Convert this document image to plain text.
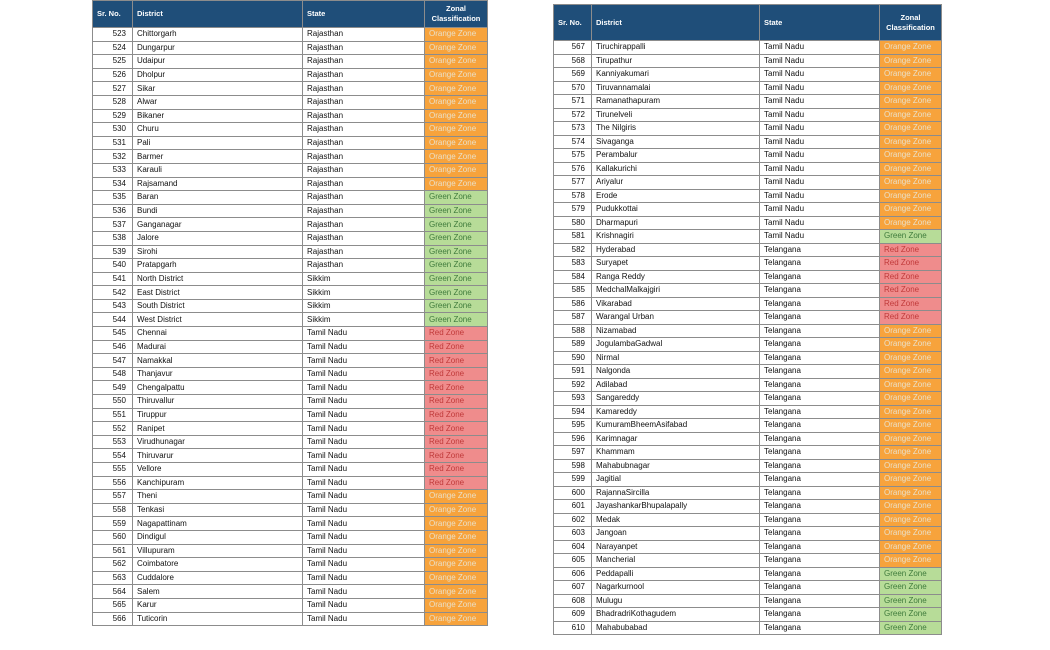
Sr. No.	District	State	Zonal Classification
523	Chittorgarh	Rajasthan	Orange Zone
524	Dungarpur	Rajasthan	Orange Zone
525	Udaipur	Rajasthan	Orange Zone
526	Dholpur	Rajasthan	Orange Zone
527	Sikar	Rajasthan	Orange Zone
528	Alwar	Rajasthan	Orange Zone
529	Bikaner	Rajasthan	Orange Zone
530	Churu	Rajasthan	Orange Zone
531	Pali	Rajasthan	Orange Zone
532	Barmer	Rajasthan	Orange Zone
533	Karauli	Rajasthan	Orange Zone
534	Rajsamand	Rajasthan	Orange Zone
535	Baran	Rajasthan	Green Zone
536	Bundi	Rajasthan	Green Zone
537	Ganganagar	Rajasthan	Green Zone
538	Jalore	Rajasthan	Green Zone
539	Sirohi	Rajasthan	Green Zone
540	Pratapgarh	Rajasthan	Green Zone
541	North District	Sikkim	Green Zone
542	East District	Sikkim	Green Zone
543	South District	Sikkim	Green Zone
544	West District	Sikkim	Green Zone
545	Chennai	Tamil Nadu	Red Zone
546	Madurai	Tamil Nadu	Red Zone
547	Namakkal	Tamil Nadu	Red Zone
548	Thanjavur	Tamil Nadu	Red Zone
549	Chengalpattu	Tamil Nadu	Red Zone
550	Thiruvallur	Tamil Nadu	Red Zone
551	Tiruppur	Tamil Nadu	Red Zone
552	Ranipet	Tamil Nadu	Red Zone
553	Virudhunagar	Tamil Nadu	Red Zone
554	Thiruvarur	Tamil Nadu	Red Zone
555	Vellore	Tamil Nadu	Red Zone
556	Kanchipuram	Tamil Nadu	Red Zone
557	Theni	Tamil Nadu	Orange Zone
558	Tenkasi	Tamil Nadu	Orange Zone
559	Nagapattinam	Tamil Nadu	Orange Zone
560	Dindigul	Tamil Nadu	Orange Zone
561	Villupuram	Tamil Nadu	Orange Zone
562	Coimbatore	Tamil Nadu	Orange Zone
563	Cuddalore	Tamil Nadu	Orange Zone
564	Salem	Tamil Nadu	Orange Zone
565	Karur	Tamil Nadu	Orange Zone
566	Tuticorin	Tamil Nadu	Orange Zone
Sr. No.	District	State	Zonal Classification
567	Tiruchirappalli	Tamil Nadu	Orange Zone
568	Tirupathur	Tamil Nadu	Orange Zone
569	Kanniyakumari	Tamil Nadu	Orange Zone
570	Tiruvannamalai	Tamil Nadu	Orange Zone
571	Ramanathapuram	Tamil Nadu	Orange Zone
572	Tirunelveli	Tamil Nadu	Orange Zone
573	The Nilgiris	Tamil Nadu	Orange Zone
574	Sivaganga	Tamil Nadu	Orange Zone
575	Perambalur	Tamil Nadu	Orange Zone
576	Kallakurichi	Tamil Nadu	Orange Zone
577	Ariyalur	Tamil Nadu	Orange Zone
578	Erode	Tamil Nadu	Orange Zone
579	Pudukkottai	Tamil Nadu	Orange Zone
580	Dharmapuri	Tamil Nadu	Orange Zone
581	Krishnagiri	Tamil Nadu	Green Zone
582	Hyderabad	Telangana	Red Zone
583	Suryapet	Telangana	Red Zone
584	Ranga Reddy	Telangana	Red Zone
585	MedchalMalkajgiri	Telangana	Red Zone
586	Vikarabad	Telangana	Red Zone
587	Warangal Urban	Telangana	Red Zone
588	Nizamabad	Telangana	Orange Zone
589	JogulambaGadwal	Telangana	Orange Zone
590	Nirmal	Telangana	Orange Zone
591	Nalgonda	Telangana	Orange Zone
592	Adilabad	Telangana	Orange Zone
593	Sangareddy	Telangana	Orange Zone
594	Kamareddy	Telangana	Orange Zone
595	KumuramBheemAsifabad	Telangana	Orange Zone
596	Karimnagar	Telangana	Orange Zone
597	Khammam	Telangana	Orange Zone
598	Mahabubnagar	Telangana	Orange Zone
599	Jagitial	Telangana	Orange Zone
600	RajannaSircilla	Telangana	Orange Zone
601	JayashankarBhupalapally	Telangana	Orange Zone
602	Medak	Telangana	Orange Zone
603	Jangoan	Telangana	Orange Zone
604	Narayanpet	Telangana	Orange Zone
605	Mancherial	Telangana	Orange Zone
606	Peddapalli	Telangana	Green Zone
607	Nagarkurnool	Telangana	Green Zone
608	Mulugu	Telangana	Green Zone
609	BhadradriKothagudem	Telangana	Green Zone
610	Mahabubabad	Telangana	Green Zone
